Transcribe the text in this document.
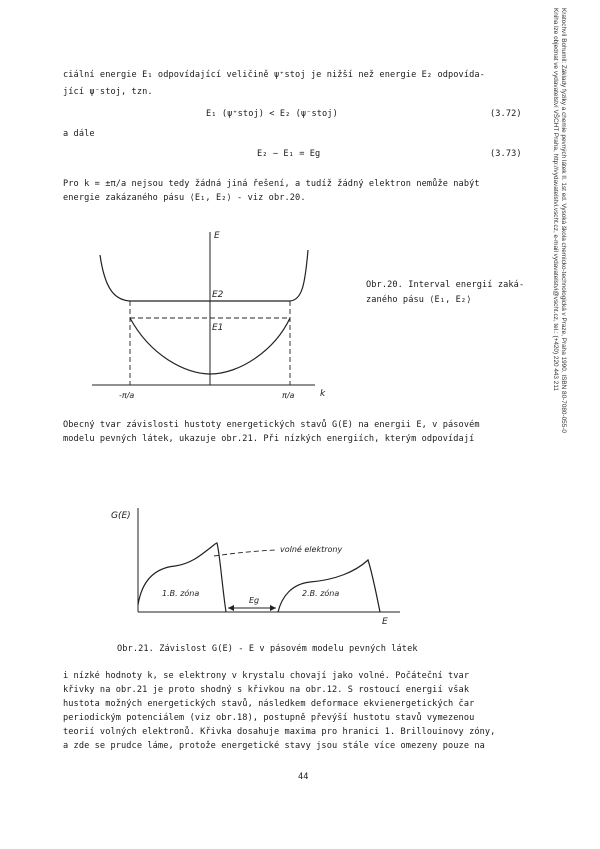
Kratochvíl Bohumil: Základy fyziky a chemie pevných látek II. 1st ed. Vysoká škola chemicko-technologická v Praze, Praha 1990. ISBN 80-7080-055-0
Kniha lze objednat ve vydavatelství VŠCHT Praha, http://vydavatelstvi.vscht.cz, e-mail vydavatelstvi@vscht.cz, tel.: (+420) 220 443 211
ciální energie E₁ odpovídající veličině ψ⁺stoj je nižší než energie E₂ odpovída-
jící ψ⁻stoj, tzn.
E₁ (ψ⁺stoj) < E₂ (ψ⁻stoj)	(3.72)
a dále
E₂ − E₁ = Eg	(3.73)
Pro k = ±π/a nejsou tedy žádná jiná řešení, a tudíž žádný elektron nemůže nabýt
energie zakázaného pásu ⟨E₁, E₂⟩ - viz obr.20.
E
E2
E1
k
-π/a	π/a
Obr.20. Interval energií zaká-
zaného pásu ⟨E₁, E₂⟩
Obecný tvar závislosti hustoty energetických stavů G(E) na energii E, v pásovém
modelu pevných látek, ukazuje obr.21. Při nízkých energiích, kterým odpovídají
G(E)
volné elektrony
1.B. zóna	2.B. zóna
Eg
E
Obr.21. Závislost G(E) - E v pásovém modelu pevných látek
i nízké hodnoty k, se elektrony v krystalu chovají jako volné. Počáteční tvar
křivky na obr.21 je proto shodný s křivkou na obr.12. S rostoucí energií však
hustota možných energetických stavů, následkem deformace ekvienergetických čar
periodickým potenciálem (viz obr.18), postupně převýší hustotu stavů vymezenou
teorií volných elektronů. Křivka dosahuje maxima pro hranici 1. Brillouinovy zóny,
a zde se prudce láme, protože energetické stavy jsou stále více omezeny pouze na
44
